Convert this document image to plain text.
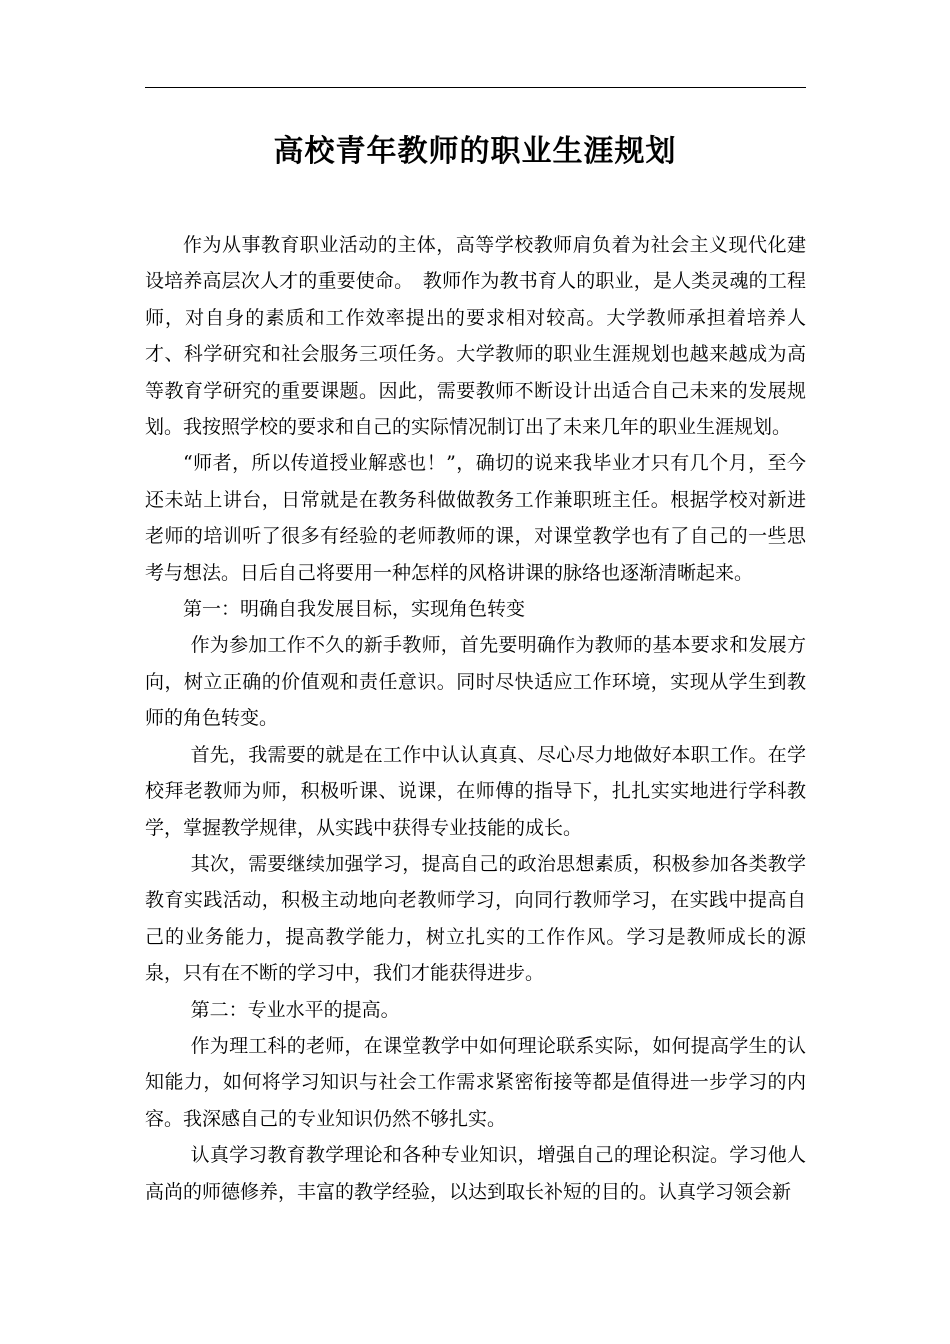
高校青年教师的职业生涯规划

作为从事教育职业活动的主体，高等学校教师肩负着为社会主义现代化建设培养高层次人才的重要使命。　教师作为教书育人的职业，是人类灵魂的工程师，对自身的素质和工作效率提出的要求相对较高。大学教师承担着培养人才、科学研究和社会服务三项任务。大学教师的职业生涯规划也越来越成为高等教育学研究的重要课题。因此，需要教师不断设计出适合自己未来的发展规划。我按照学校的要求和自己的实际情况制订出了未来几年的职业生涯规划。

“师者，所以传道授业解惑也！”，确切的说来我毕业才只有几个月，至今还未站上讲台，日常就是在教务科做做教务工作兼职班主任。根据学校对新进老师的培训听了很多有经验的老师教师的课，对课堂教学也有了自己的一些思考与想法。日后自己将要用一种怎样的风格讲课的脉络也逐渐清晰起来。

第一：明确自我发展目标，实现角色转变

作为参加工作不久的新手教师，首先要明确作为教师的基本要求和发展方向，树立正确的价值观和责任意识。同时尽快适应工作环境，实现从学生到教师的角色转变。

首先，我需要的就是在工作中认认真真、尽心尽力地做好本职工作。在学校拜老教师为师，积极听课、说课，在师傅的指导下，扎扎实实地进行学科教学，掌握教学规律，从实践中获得专业技能的成长。

其次，需要继续加强学习，提高自己的政治思想素质，积极参加各类教学教育实践活动，积极主动地向老教师学习，向同行教师学习，在实践中提高自己的业务能力，提高教学能力，树立扎实的工作作风。学习是教师成长的源泉，只有在不断的学习中，我们才能获得进步。

第二：专业水平的提高。

作为理工科的老师，在课堂教学中如何理论联系实际，如何提高学生的认知能力，如何将学习知识与社会工作需求紧密衔接等都是值得进一步学习的内容。我深感自己的专业知识仍然不够扎实。

认真学习教育教学理论和各种专业知识，增强自己的理论积淀。学习他人高尚的师德修养，丰富的教学经验，以达到取长补短的目的。认真学习领会新
